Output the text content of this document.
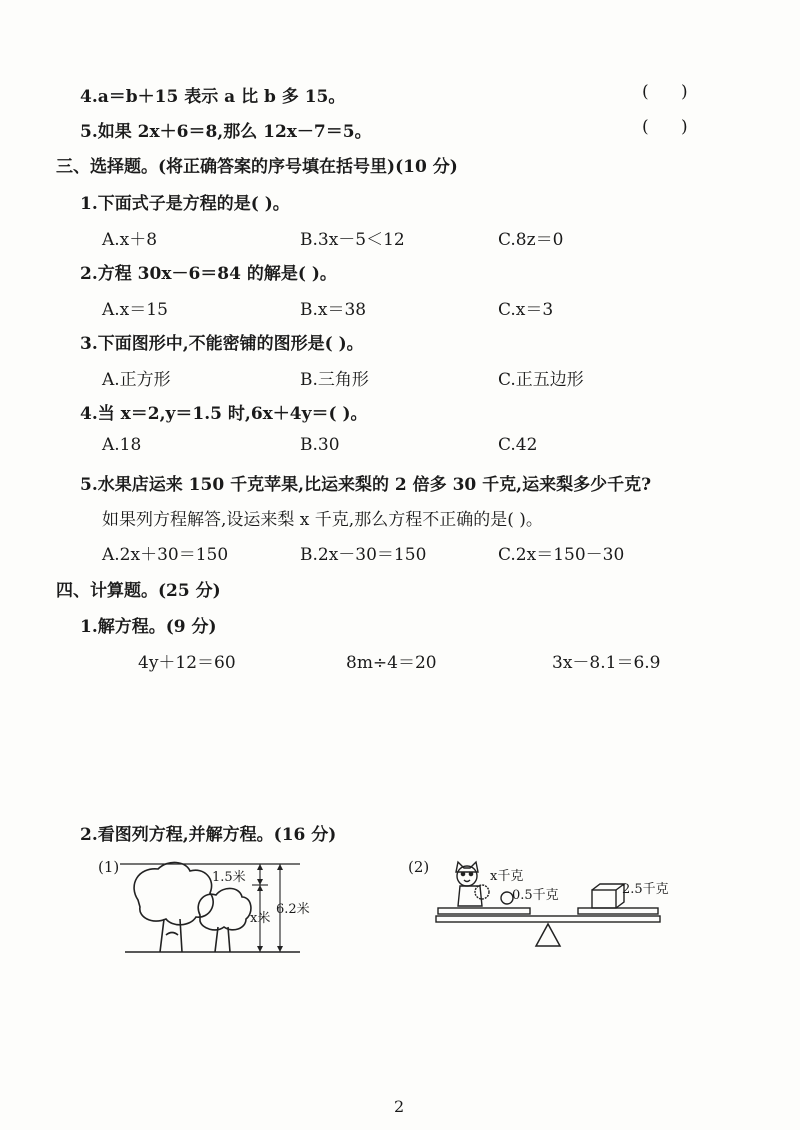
4.a＝b＋15 表示 a 比 b 多 15。	(      )
5.如果 2x＋6＝8,那么 12x－7＝5。	(      )
三、选择题。(将正确答案的序号填在括号里)(10 分)
1.下面式子是方程的是( )。
A.x＋8	B.3x－5＜12	C.8z＝0
2.方程 30x－6＝84 的解是( )。
A.x＝15	B.x＝38	C.x＝3
3.下面图形中,不能密铺的图形是( )。
A.正方形	B.三角形	C.正五边形
4.当 x＝2,y＝1.5 时,6x＋4y＝( )。
A.18	B.30	C.42
5.水果店运来 150 千克苹果,比运来梨的 2 倍多 30 千克,运来梨多少千克?
如果列方程解答,设运来梨 x 千克,那么方程不正确的是( )。
A.2x＋30＝150	B.2x－30＝150	C.2x＝150－30
四、计算题。(25 分)
1.解方程。(9 分)
4y＋12＝60	8m÷4＝20	3x－8.1＝6.9
2.看图列方程,并解方程。(16 分)
(1)
1.5米
x米
6.2米
(2)
x千克
0.5千克	2.5千克
2
